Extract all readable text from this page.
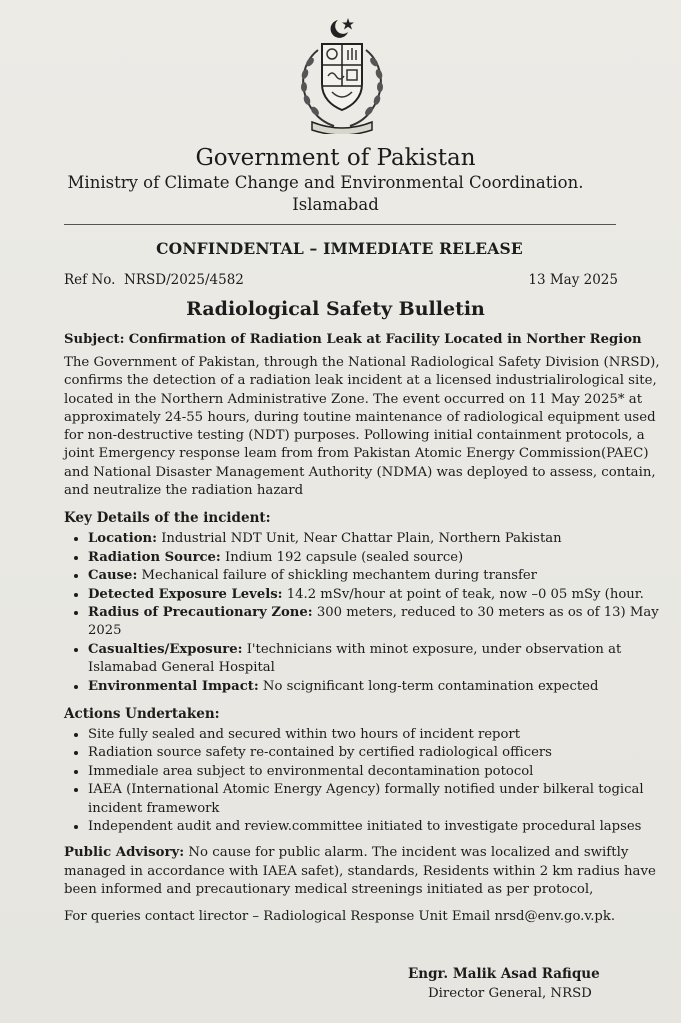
Government of Pakistan
Ministry of Climate Change and Environmental Coordination.
Islamabad
CONFINDENTAL – IMMEDIATE RELEASE
Ref No. NRSD/2025/4582	13 May 2025
Radiological Safety Bulletin
Subject: Confirmation of Radiation Leak at Facility Located in Norther Region

The Government of Pakistan, through the National Radiological Safety Division (NRSD), confirms the detection of a radiation leak incident at a licensed industrialirological site, located in the Northern Administrative Zone. The event occurred on 11 May 2025* at approximately 24-55 hours, during toutine maintenance of radiological equipment used for non-destructive testing (NDT) purposes. Pollowing initial containment protocols, a joint Emergency response leam from from Pakistan Atomic Energy Commission(PAEC) and National Disaster Management Authority (NDMA) was deployed to assess, contain, and neutralize the radiation hazard

Key Details of the incident:
• Location: Industrial NDT Unit, Near Chattar Plain, Northern Pakistan
• Radiation Source: Indium 192 capsule (sealed source)
• Cause: Mechanical failure of shickling mechantem during transfer
• Detected Exposure Levels: 14.2 mSv/hour at point of teak, now –0 05 mSy (hour.
• Radius of Precautionary Zone: 300 meters, reduced to 30 meters as os of 13) May 2025
• Casualties/Exposure: I'technicians with minot exposure, under observation at Islamabad General Hospital
• Environmental Impact: No scignificant long-term contamination expected
Actions Undertaken:
• Site fully sealed and secured within two hours of incident report
• Radiation source safety re-contained by certified radiological officers
• Immediale area subject to environmental decontamination potocol
• IAEA (International Atomic Energy Agency) formally notified under bilkeral togical incident framework
• Independent audit and review.committee initiated to investigate procedural lapses
Public Advisory: No cause for public alarm. The incident was localized and swiftly managed in accordance with IAEA safet), standards, Residents within 2 km radius have been informed and precautionary medical streenings initiated as per protocol,
For queries contact lirector – Radiological Response Unit Email nrsd@env.go.v.pk.
Engr. Malik Asad Rafique
Director General, NRSD
